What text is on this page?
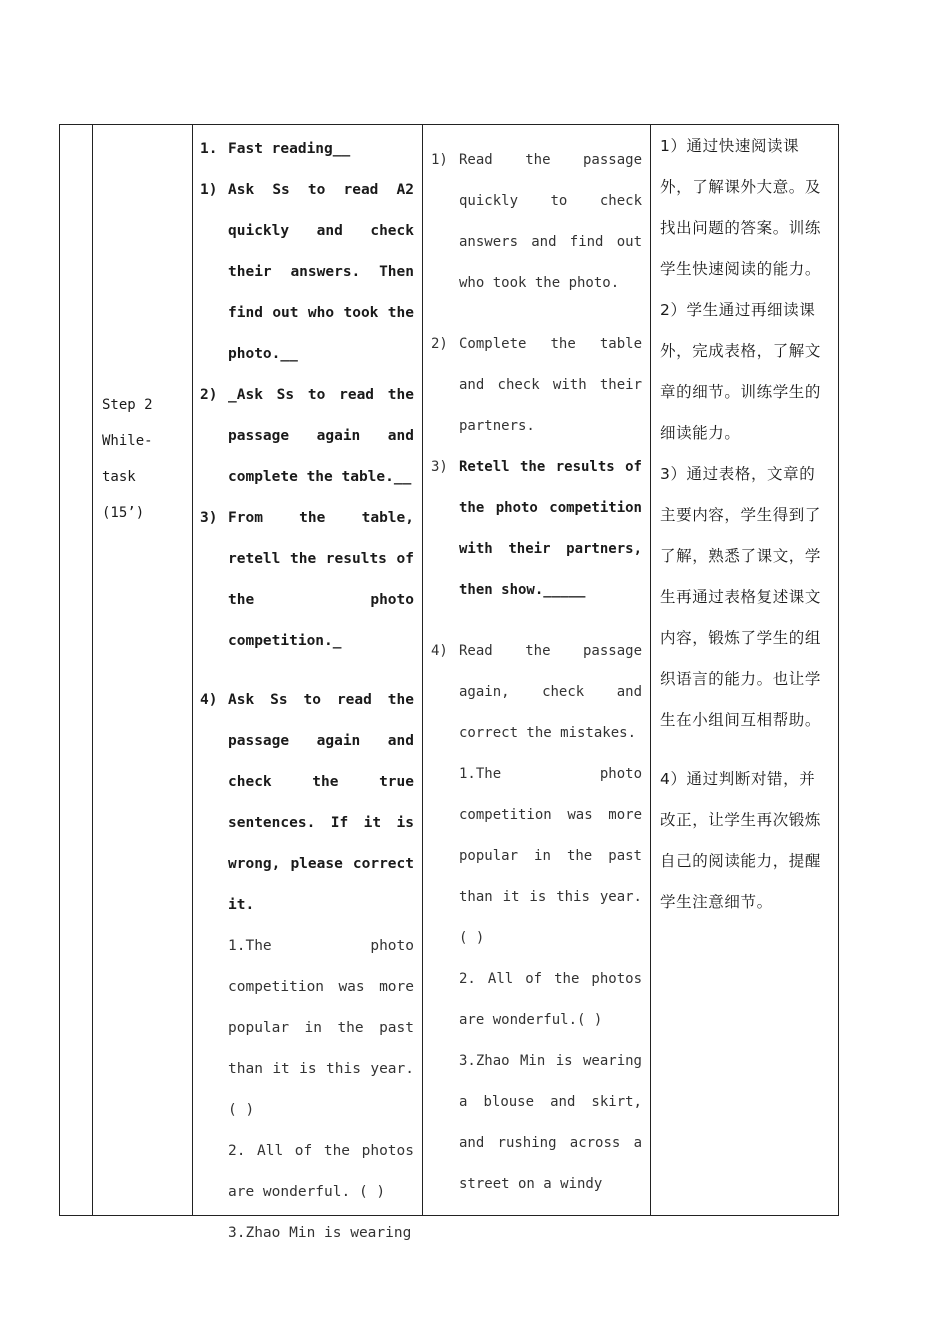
Step 2
While-
task
(15’)
1. Fast reading__
1) Ask Ss to read A2 quickly and check their answers. Then find out who took the photo.__
2) _Ask Ss to read the passage again and complete the table.__
3) From the table, retell the results of the photo competition._
4) Ask Ss to read the passage again and check the true sentences. If it is wrong, please correct it.
1.The photo competition was more popular in the past than it is this year.( )
2. All of the photos are wonderful. ( )
3.Zhao Min is wearing
1) Read the passage quickly to check answers and find out who took the photo.
2) Complete the table and check with their partners.
3) Retell the results of the photo competition with their partners, then show._____
4) Read the passage again, check and correct the mistakes.
1.The photo competition was more popular in the past than it is this year. ( )
2. All of the photos are wonderful.( )
3.Zhao Min is wearing a blouse and skirt, and rushing across a street on a windy
1）通过快速阅读课外，了解课外大意。及找出问题的答案。训练学生快速阅读的能力。
2）学生通过再细读课外，完成表格，了解文章的细节。训练学生的细读能力。
3）通过表格，文章的主要内容，学生得到了了解，熟悉了课文，学生再通过表格复述课文内容，锻炼了学生的组织语言的能力。也让学生在小组间互相帮助。
4）通过判断对错，并改正，让学生再次锻炼自己的阅读能力，提醒学生注意细节。
